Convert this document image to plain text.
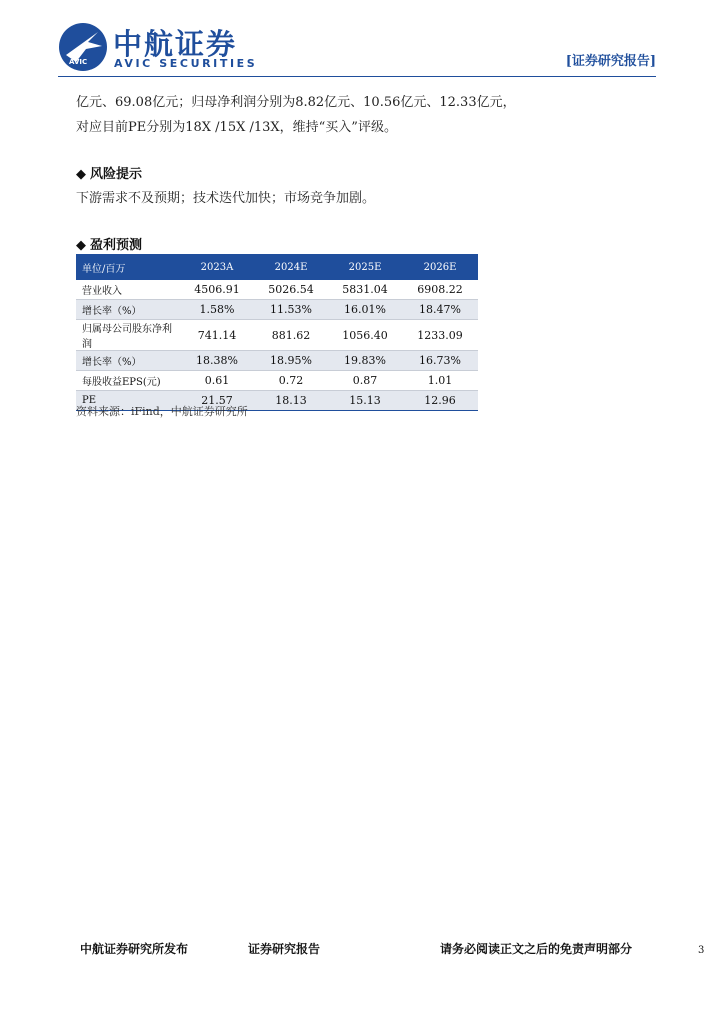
AVIC
中航证券
AVIC SECURITIES	[证券研究报告]
亿元、69.08亿元；归母净利润分别为8.82亿元、10.56亿元、12.33亿元，
对应目前PE分别为18X /15X /13X，维持“买入”评级。
◆ 风险提示
下游需求不及预期；技术迭代加快；市场竞争加剧。
◆ 盈利预测
单位/百万	2023A	2024E	2025E	2026E
营业收入	4506.91	5026.54	5831.04	6908.22
增长率（%）	1.58%	11.53%	16.01%	18.47%
归属母公司股东净利润	741.14	881.62	1056.40	1233.09
增长率（%）	18.38%	18.95%	19.83%	16.73%
每股收益EPS(元)	0.61	0.72	0.87	1.01
PE	21.57	18.13	15.13	12.96
资料来源：iFind，中航证券研究所
中航证券研究所发布	证券研究报告	请务必阅读正文之后的免责声明部分	3
